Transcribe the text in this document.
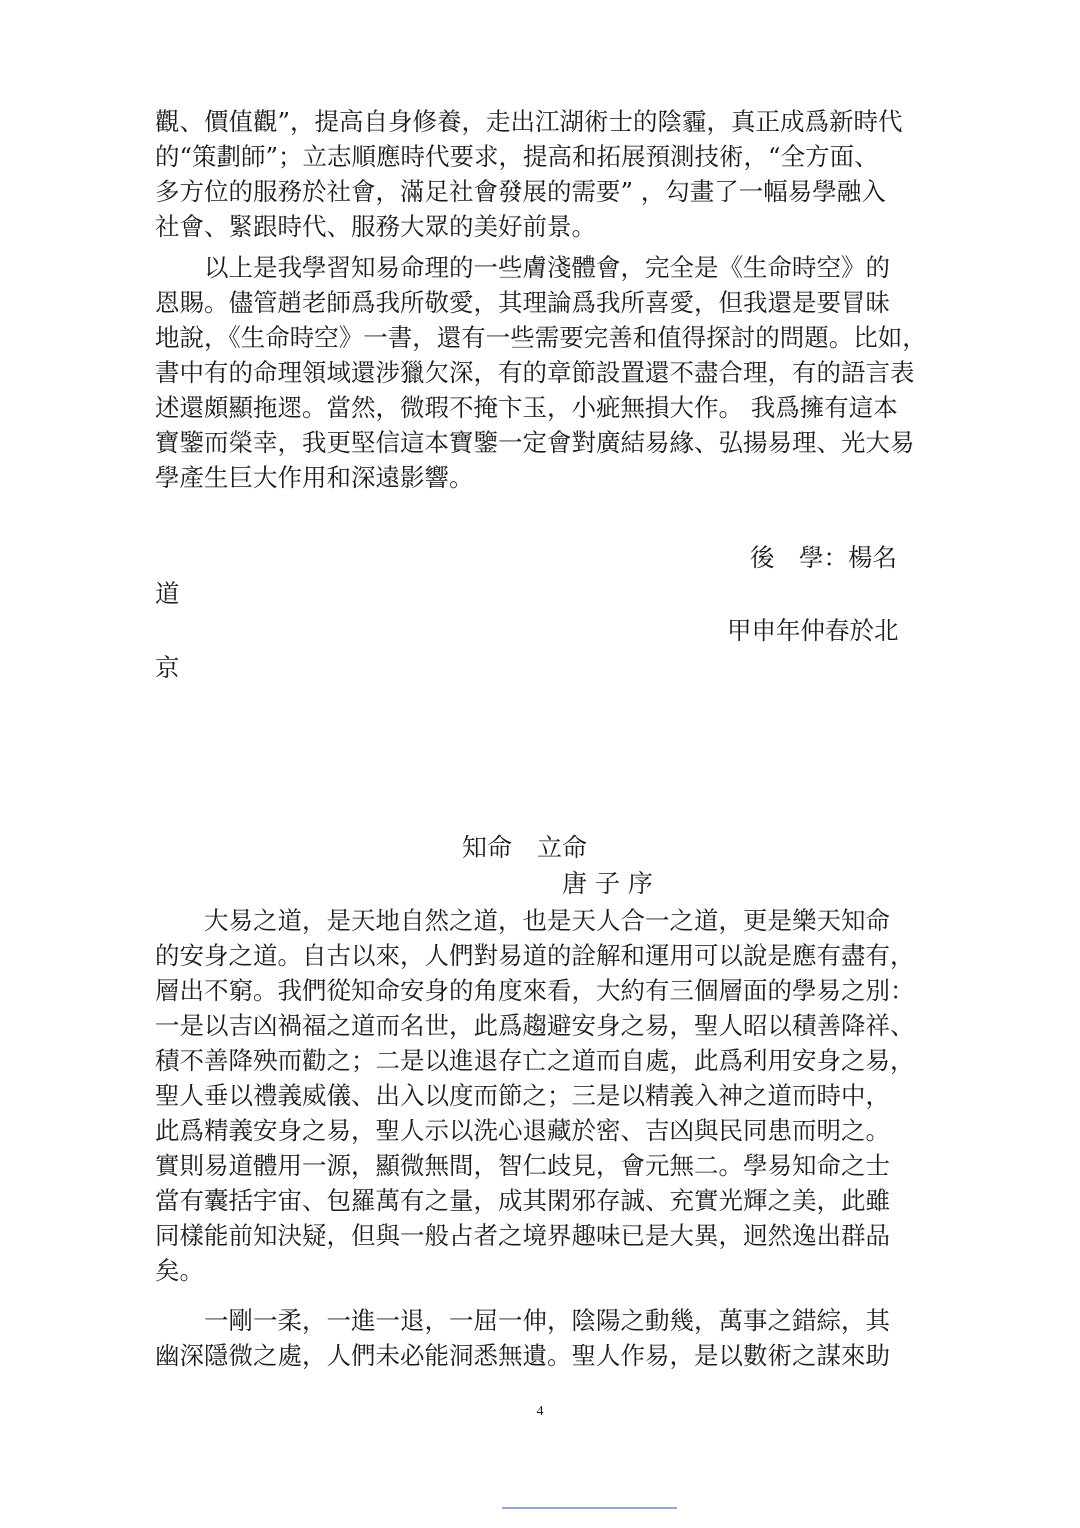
觀、價值觀”，提高自身修養，走出江湖術士的陰霾，真正成爲新時代
的“策劃師”；立志順應時代要求，提高和拓展預測技術，“全方面、
多方位的服務於社會，滿足社會發展的需要” ，勾畫了一幅易學融入
社會、緊跟時代、服務大眾的美好前景。
　　以上是我學習知易命理的一些膚淺體會，完全是《生命時空》的
恩賜。儘管趙老師爲我所敬愛，其理論爲我所喜愛，但我還是要冒昧
地說，《生命時空》一書，還有一些需要完善和值得探討的問題。比如，
書中有的命理領域還涉獵欠深，有的章節設置還不盡合理，有的語言表
述還頗顯拖遝。當然，微瑕不掩卞玉，小疵無損大作。 我爲擁有這本
寶鑒而榮幸，我更堅信這本寶鑒一定會對廣結易緣、弘揚易理、光大易
學產生巨大作用和深遠影響。
後　學：楊名
道
甲申年仲春於北
京
知命　立命
唐 子 序
　　大易之道，是天地自然之道，也是天人合一之道，更是樂天知命
的安身之道。自古以來，人們對易道的詮解和運用可以說是應有盡有，
層出不窮。我們從知命安身的角度來看，大約有三個層面的學易之別：
一是以吉凶禍福之道而名世，此爲趨避安身之易，聖人昭以積善降祥、
積不善降殃而勸之；二是以進退存亡之道而自處，此爲利用安身之易，
聖人垂以禮義威儀、出入以度而節之；三是以精義入神之道而時中，
此爲精義安身之易，聖人示以洗心退藏於密、吉凶與民同患而明之。
實則易道體用一源，顯微無間，智仁歧見，會元無二。學易知命之士
當有囊括宇宙、包羅萬有之量，成其閑邪存誠、充實光輝之美，此雖
同樣能前知決疑，但與一般占者之境界趣味已是大異，迥然逸出群品
矣。
　　一剛一柔，一進一退，一屈一伸，陰陽之動幾，萬事之錯綜，其
幽深隱微之處，人們未必能洞悉無遺。聖人作易，是以數術之謀來助
4
